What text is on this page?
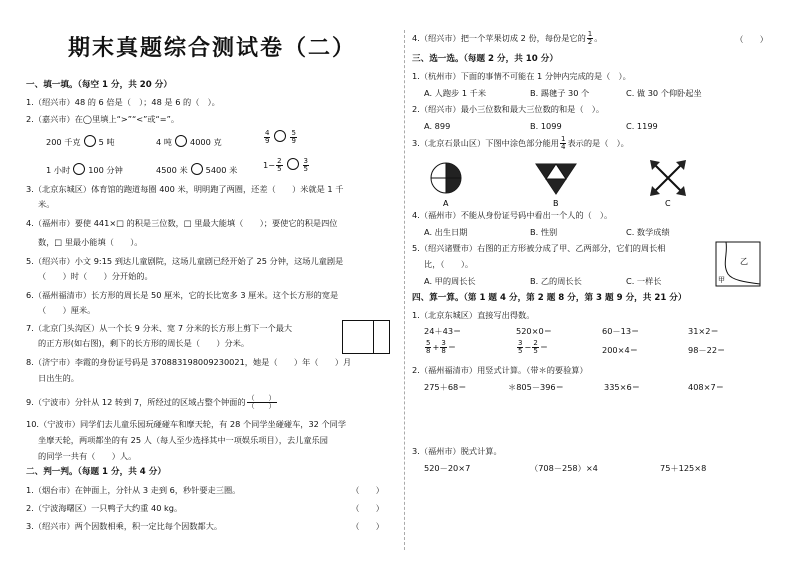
期末真题综合测试卷（二）
一、填一填。（每空 1 分，共 20 分）
1.（绍兴市）48 的 6 倍是（　）；48 是 6 的（　）。
2.（嘉兴市）在◯里填上“>”“<”或“=”。
200 千克 5 吨	4 吨 4000 克	$\frac{4}{9}$	$\frac{5}{9}$
1 小时 100 分钟	4500 米 5400 米	$1- \frac{2}{5}$	$\frac{3}{5}$
3.（北京东城区）体育馆的跑道每圈 400 米，明明跑了两圈，还差（　　）米就是 1 千
米。
4.（福州市）要使 441×□ 的积是三位数，□ 里最大能填（　　）；要使它的积是四位
数，□ 里最小能填（　　）。
5.（绍兴市）小文 9:15 到达儿童剧院，这场儿童剧已经开始了 25 分钟，这场儿童剧是
（　　）时（　　）分开始的。
6.（福州福清市）长方形的周长是 50 厘米，它的长比宽多 3 厘米。这个长方形的宽是
（　　）厘米。
7.（北京门头沟区）从一个长 9 分米、宽 7 分米的长方形上剪下一个最大
的正方形(如右图)，剩下的长方形的周长是（　　）分米。
8.（济宁市）李霞的身份证号码是 370883198009230021，她是（　　）年（　　）月
日出生的。
9.（宁波市）分针从 12 转到 7，所经过的区域占整个钟面的 $\frac{( )}{( )}$
10.（宁波市）同学们去儿童乐园玩碰碰车和摩天轮，有 28 个同学坐碰碰车，32 个同学
坐摩天轮，两项都坐的有 25 人（每人至少选择其中一项娱乐项目），去儿童乐园
的同学一共有（　　）人。
二、判一判。（每题 1 分，共 4 分）
1.（烟台市）在钟面上，分针从 3 走到 6，秒针要走三圈。	（　　）
2.（宁波海曙区）一只鸭子大约重 40 kg。	（　　）
3.（绍兴市）两个因数相乘，积一定比每个因数都大。	（　　）
4.（绍兴市）把一个苹果切成 2 份，每份是它的 $\frac{1}{2}$ 。	（　　）
三、选一选。（每题 2 分，共 10 分）
1.（杭州市）下面的事情不可能在 1 分钟内完成的是（　）。
A. 人跑步 1 千米	B. 踢毽子 30 个	C. 做 30 个仰卧起坐
2.（绍兴市）最小三位数和最大三位数的和是（　）。
A. 899	B. 1099	C. 1199
3.（北京石景山区）下图中涂色部分能用 $\frac{1}{4}$ 表示的是（　）。
A	B	C
4.（福州市）不能从身份证号码中看出一个人的（　）。
A. 出生日期	B. 性别	C. 数学成绩
5.（绍兴诸暨市）右图的正方形被分成了甲、乙两部分，它们的周长相
比，（　　）。
A. 甲的周长长	B. 乙的周长长	C. 一样长	甲
乙
四、算一算。（第 1 题 4 分，第 2 题 8 分，第 3 题 9 分，共 21 分）
1.（北京东城区）直接写出得数。
24＋43＝	520×0＝	60－13＝	31×2＝
$\frac{5}{8} + \frac{3}{8}$ ＝	$\frac{3}{5} - \frac{2}{5}$ ＝	200×4＝	98－22＝
2.（福州福清市）用竖式计算。（带＊的要验算）
275＋68＝	＊805－396＝	335×6＝	408×7＝
3.（福州市）脱式计算。
520－20×7	（708－258）×4	75＋125×8
